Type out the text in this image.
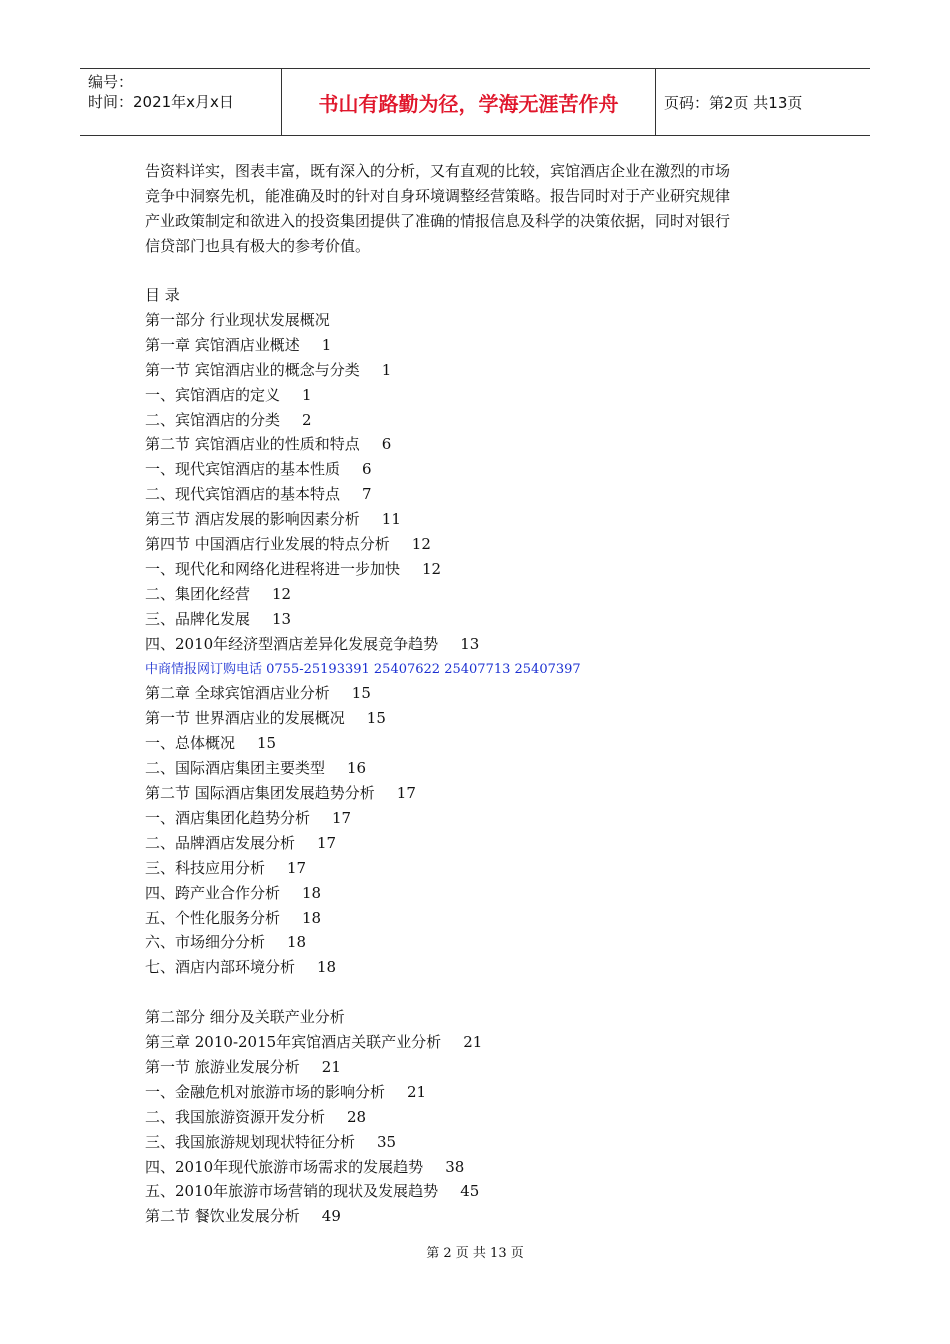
编号：
时间：2021年x月x日	书山有路勤为径，学海无涯苦作舟	页码：第2页 共13页

告资料详实，图表丰富，既有深入的分析，又有直观的比较，宾馆酒店企业在激烈的市场

竞争中洞察先机，能准确及时的针对自身环境调整经营策略。报告同时对于产业研究规律

产业政策制定和欲进入的投资集团提供了准确的情报信息及科学的决策依据，同时对银行

信贷部门也具有极大的参考价值。

目 录
第一部分 行业现状发展概况
第一章 宾馆酒店业概述 1
第一节 宾馆酒店业的概念与分类 1
一、宾馆酒店的定义 1
二、宾馆酒店的分类 2
第二节 宾馆酒店业的性质和特点 6
一、现代宾馆酒店的基本性质 6
二、现代宾馆酒店的基本特点 7
第三节 酒店发展的影响因素分析 11
第四节 中国酒店行业发展的特点分析 12
一、现代化和网络化进程将进一步加快 12
二、集团化经营 12
三、品牌化发展 13
四、2010年经济型酒店差异化发展竞争趋势 13
中商情报网订购电话 0755-25193391 25407622 25407713 25407397
第二章 全球宾馆酒店业分析 15
第一节 世界酒店业的发展概况 15
一、总体概况 15
二、国际酒店集团主要类型 16
第二节 国际酒店集团发展趋势分析 17
一、酒店集团化趋势分析 17
二、品牌酒店发展分析 17
三、科技应用分析 17
四、跨产业合作分析 18
五、个性化服务分析 18
六、市场细分分析 18
七、酒店内部环境分析 18
第二部分 细分及关联产业分析
第三章 2010-2015年宾馆酒店关联产业分析 21
第一节 旅游业发展分析 21
一、金融危机对旅游市场的影响分析 21
二、我国旅游资源开发分析 28
三、我国旅游规划现状特征分析 35
四、2010年现代旅游市场需求的发展趋势 38
五、2010年旅游市场营销的现状及发展趋势 45
第二节 餐饮业发展分析 49
第 2 页 共 13 页
